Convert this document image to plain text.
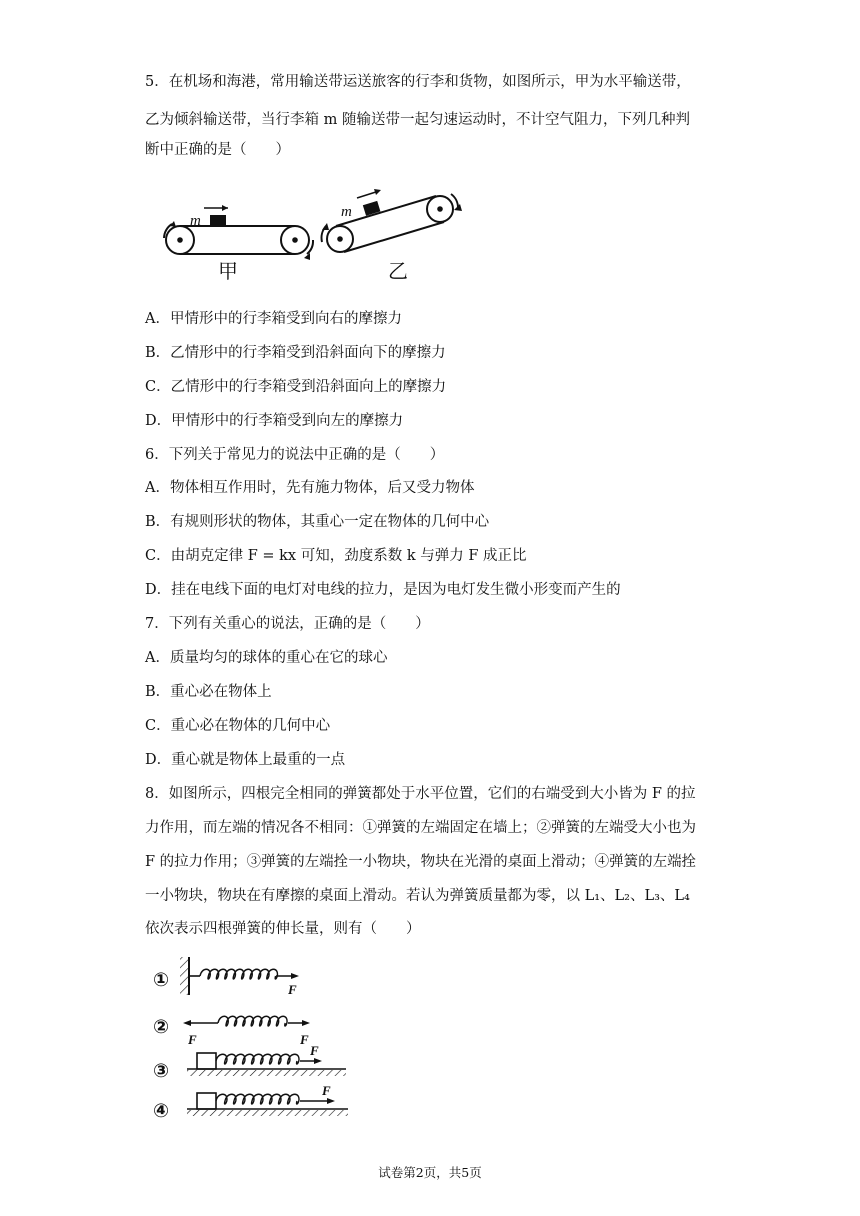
5．在机场和海港，常用输送带运送旅客的行李和货物，如图所示，甲为水平输送带，
乙为倾斜输送带，当行李箱 m 随输送带一起匀速运动时，不计空气阻力，下列几种判
断中正确的是（　　）
m
甲
m
乙
A．甲情形中的行李箱受到向右的摩擦力
B．乙情形中的行李箱受到沿斜面向下的摩擦力
C．乙情形中的行李箱受到沿斜面向上的摩擦力
D．甲情形中的行李箱受到向左的摩擦力
6．下列关于常见力的说法中正确的是（　　）
A．物体相互作用时，先有施力物体，后又受力物体
B．有规则形状的物体，其重心一定在物体的几何中心
C．由胡克定律 F = kx 可知，劲度系数 k 与弹力 F 成正比
D．挂在电线下面的电灯对电线的拉力，是因为电灯发生微小形变而产生的
7．下列有关重心的说法，正确的是（　　）
A．质量均匀的球体的重心在它的球心
B．重心必在物体上
C．重心必在物体的几何中心
D．重心就是物体上最重的一点
8．如图所示，四根完全相同的弹簧都处于水平位置，它们的右端受到大小皆为 F 的拉
力作用，而左端的情况各不相同：①弹簧的左端固定在墙上；②弹簧的左端受大小也为
F 的拉力作用；③弹簧的左端拴一小物块，物块在光滑的桌面上滑动；④弹簧的左端拴
一小物块，物块在有摩擦的桌面上滑动。若认为弹簧质量都为零，以 L₁、L₂、L₃、L₄
依次表示四根弹簧的伸长量，则有（　　）
①	F
②
F	F
③
F
④
F
试卷第2页，共5页
